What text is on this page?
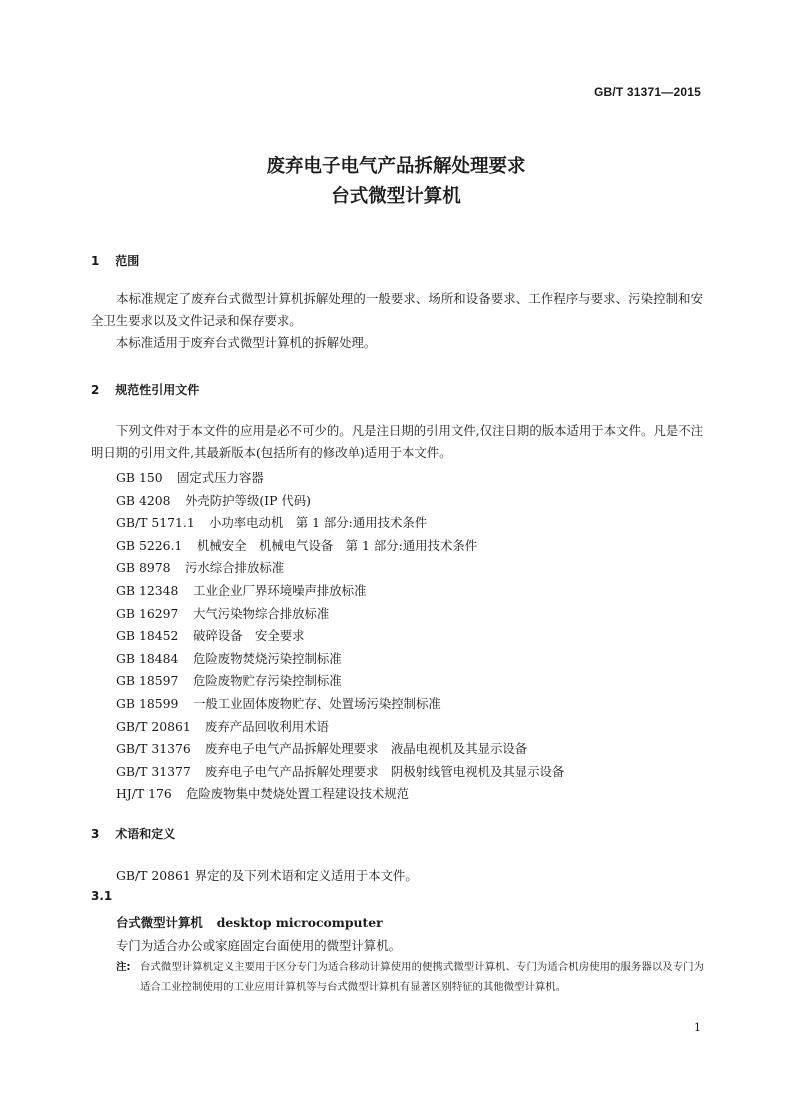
GB/T 31371—2015
废弃电子电气产品拆解处理要求
台式微型计算机
1 范围
本标准规定了废弃台式微型计算机拆解处理的一般要求、场所和设备要求、工作程序与要求、污染控制和安全卫生要求以及文件记录和保存要求。
本标准适用于废弃台式微型计算机的拆解处理。
2 规范性引用文件
下列文件对于本文件的应用是必不可少的。凡是注日期的引用文件,仅注日期的版本适用于本文件。凡是不注明日期的引用文件,其最新版本(包括所有的修改单)适用于本文件。
GB 150 固定式压力容器
GB 4208 外壳防护等级(IP 代码)
GB/T 5171.1 小功率电动机　第 1 部分:通用技术条件
GB 5226.1 机械安全　机械电气设备　第 1 部分:通用技术条件
GB 8978 污水综合排放标准
GB 12348 工业企业厂界环境噪声排放标准
GB 16297 大气污染物综合排放标准
GB 18452 破碎设备　安全要求
GB 18484 危险废物焚烧污染控制标准
GB 18597 危险废物贮存污染控制标准
GB 18599 一般工业固体废物贮存、处置场污染控制标准
GB/T 20861 废弃产品回收利用术语
GB/T 31376 废弃电子电气产品拆解处理要求　液晶电视机及其显示设备
GB/T 31377 废弃电子电气产品拆解处理要求　阴极射线管电视机及其显示设备
HJ/T 176 危险废物集中焚烧处置工程建设技术规范
3 术语和定义
GB/T 20861 界定的及下列术语和定义适用于本文件。
3.1
台式微型计算机 desktop microcomputer
专门为适合办公或家庭固定台面使用的微型计算机。
注: 台式微型计算机定义主要用于区分专门为适合移动计算使用的便携式微型计算机、专门为适合机房使用的服务器以及专门为适合工业控制使用的工业应用计算机等与台式微型计算机有显著区别特征的其他微型计算机。
1
